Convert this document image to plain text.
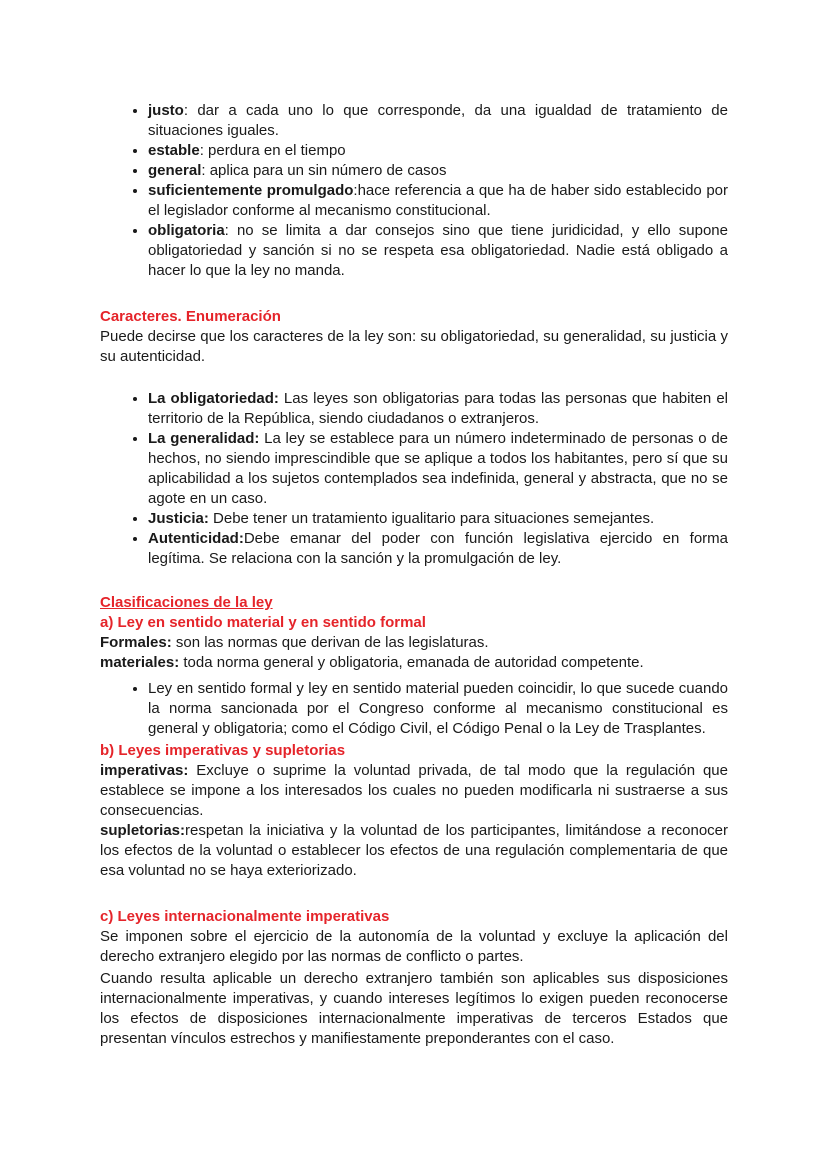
• justo: dar a cada uno lo que corresponde, da una igualdad de tratamiento de situaciones iguales.
• estable: perdura en el tiempo
• general: aplica para un sin número de casos
• suficientemente promulgado:hace referencia a que ha de haber sido establecido por el legislador conforme al mecanismo constitucional.
• obligatoria: no se limita a dar consejos sino que tiene juridicidad, y ello supone obligatoriedad y sanción si no se respeta esa obligatoriedad. Nadie está obligado a hacer lo que la ley no manda.
Caracteres. Enumeración

Puede decirse que los caracteres de la ley son: su obligatoriedad, su generalidad, su justicia y su autenticidad.

• La obligatoriedad: Las leyes son obligatorias para todas las personas que habiten el territorio de la República, siendo ciudadanos o extranjeros.
• La generalidad: La ley se establece para un número indeterminado de personas o de hechos, no siendo imprescindible que se aplique a todos los habitantes, pero sí que su aplicabilidad a los sujetos contemplados sea indefinida, general y abstracta, que no se agote en un caso.
• Justicia: Debe tener un tratamiento igualitario para situaciones semejantes.
• Autenticidad:Debe emanar del poder con función legislativa ejercido en forma legítima. Se relaciona con la sanción y la promulgación de ley.
Clasificaciones de la ley
a) Ley en sentido material y en sentido formal

Formales: son las normas que derivan de las legislaturas.

materiales: toda norma general y obligatoria, emanada de autoridad competente.

• Ley en sentido formal y ley en sentido material pueden coincidir, lo que sucede cuando la norma sancionada por el Congreso conforme al mecanismo constitucional es general y obligatoria; como el Código Civil, el Código Penal o la Ley de Trasplantes.
b) Leyes imperativas y supletorias

imperativas: Excluye o suprime la voluntad privada, de tal modo que la regulación que establece se impone a los interesados los cuales no pueden modificarla ni sustraerse a sus consecuencias.

supletorias:respetan la iniciativa y la voluntad de los participantes, limitándose a reconocer los efectos de la voluntad o establecer los efectos de una regulación complementaria de que esa voluntad no se haya exteriorizado.

c) Leyes internacionalmente imperativas

Se imponen sobre el ejercicio de la autonomía de la voluntad y excluye la aplicación del derecho extranjero elegido por las normas de conflicto o partes.

Cuando resulta aplicable un derecho extranjero también son aplicables sus disposiciones internacionalmente imperativas, y cuando intereses legítimos lo exigen pueden reconocerse los efectos de disposiciones internacionalmente imperativas de terceros Estados que presentan vínculos estrechos y manifiestamente preponderantes con el caso.
